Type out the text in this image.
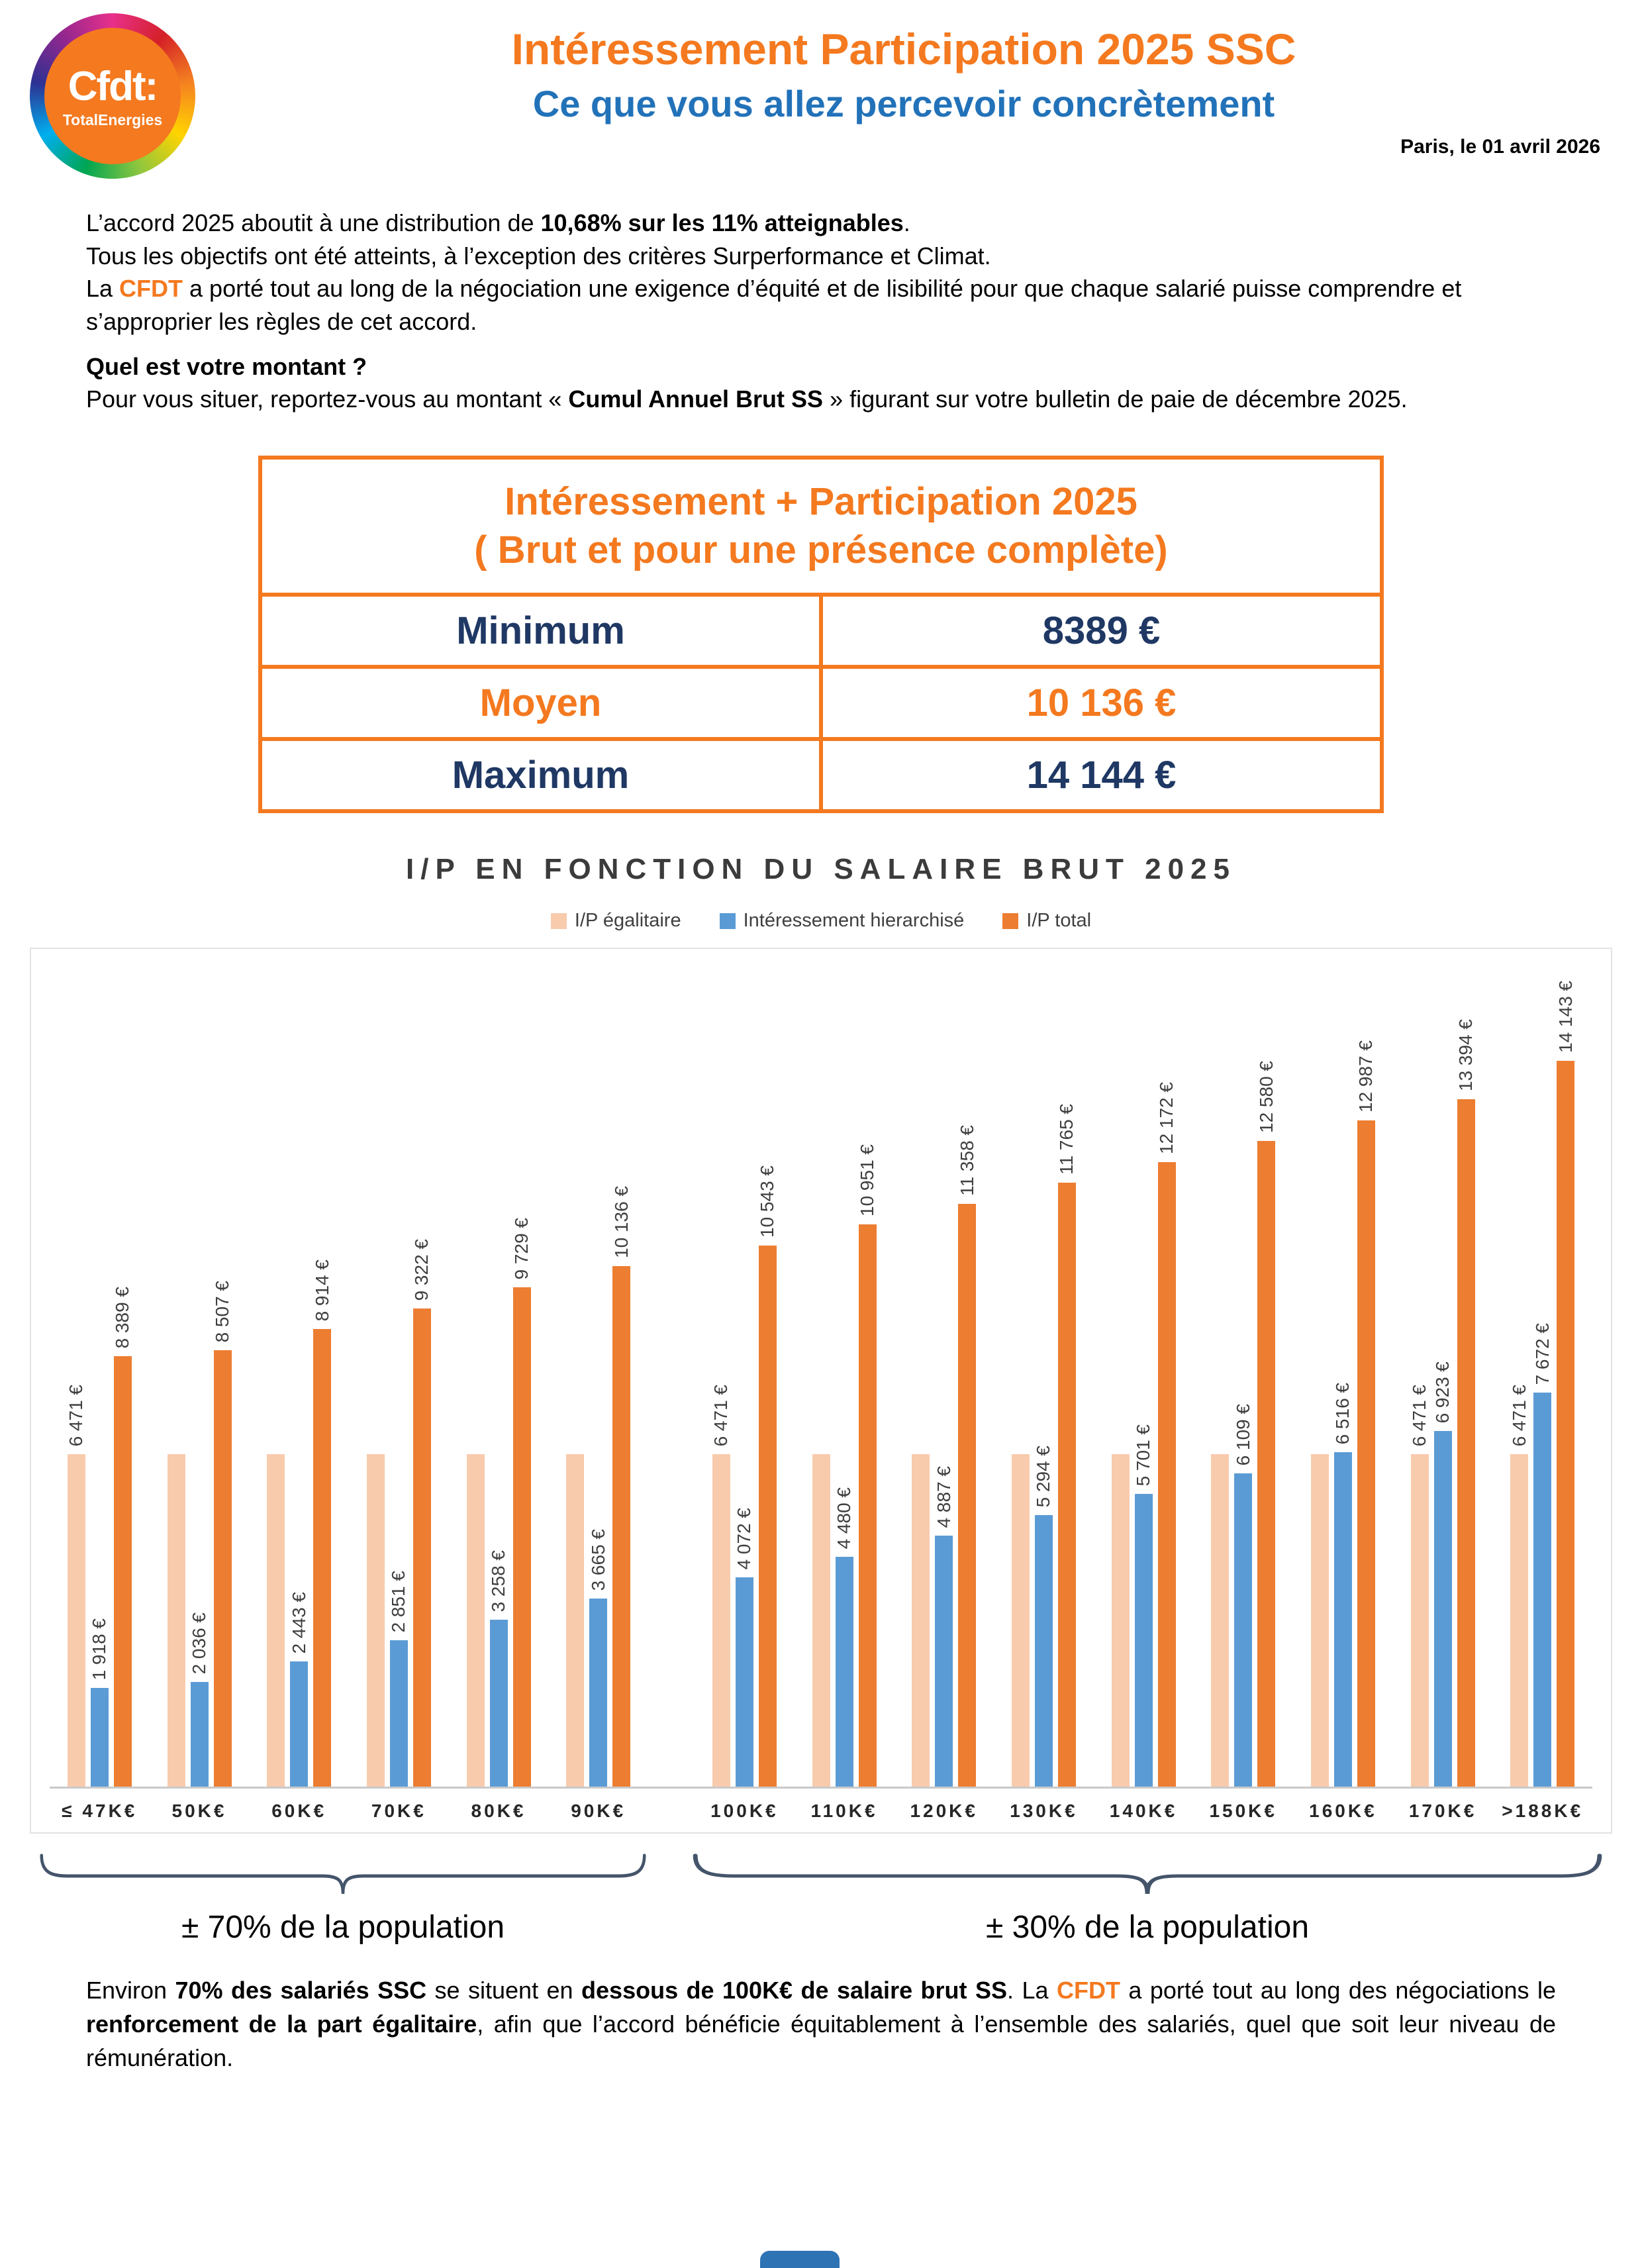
Cfdt:
TotalEnergies
Intéressement Participation 2025 SSC
Ce que vous allez percevoir concrètement
Paris, le 01 avril 2026

L’accord 2025 aboutit à une distribution de 10,68% sur les 11% atteignables.

Tous les objectifs ont été atteints, à l’exception des critères Surperformance et Climat.

La CFDT a porté tout au long de la négociation une exigence d’équité et de lisibilité pour que chaque salarié puisse comprendre et s’approprier les règles de cet accord.

Quel est votre montant ?

Pour vous situer, reportez-vous au montant « Cumul Annuel Brut SS » figurant sur votre bulletin de paie de décembre 2025.

Intéressement + Participation 2025
( Brut et pour une présence complète)
Minimum	8389 €
Moyen	10 136 €
Maximum	14 144 €
I/P EN FONCTION DU SALAIRE BRUT 2025
I/P égalitaire	Intéressement hierarchisé	I/P total
6 471 €
1 918 €
8 389 €
2 036 €
8 507 €
2 443 €
8 914 €
2 851 €
9 322 €
3 258 €
9 729 €
3 665 €
10 136 €
6 471 €
4 072 €
10 543 €
4 480 €
10 951 €
4 887 €
11 358 €
5 294 €
11 765 €
5 701 €
12 172 €
6 109 €
12 580 €
6 516 €
12 987 €
6 471 € 6 923 €
13 394 €
6 471 €
7 672 €
14 143 €
≤ 47K€	50K€	60K€	70K€	80K€	90K€	100K€	110K€	120K€	130K€	140K€	150K€	160K€	170K€	>188K€
± 70% de la population	± 30% de la population
Environ 70% des salariés SSC se situent en dessous de 100K€ de salaire brut SS. La CFDT a porté tout au long des négociations le renforcement de la part égalitaire, afin que l’accord bénéficie équitablement à l’ensemble des salariés, quel que soit leur niveau de rémunération.
